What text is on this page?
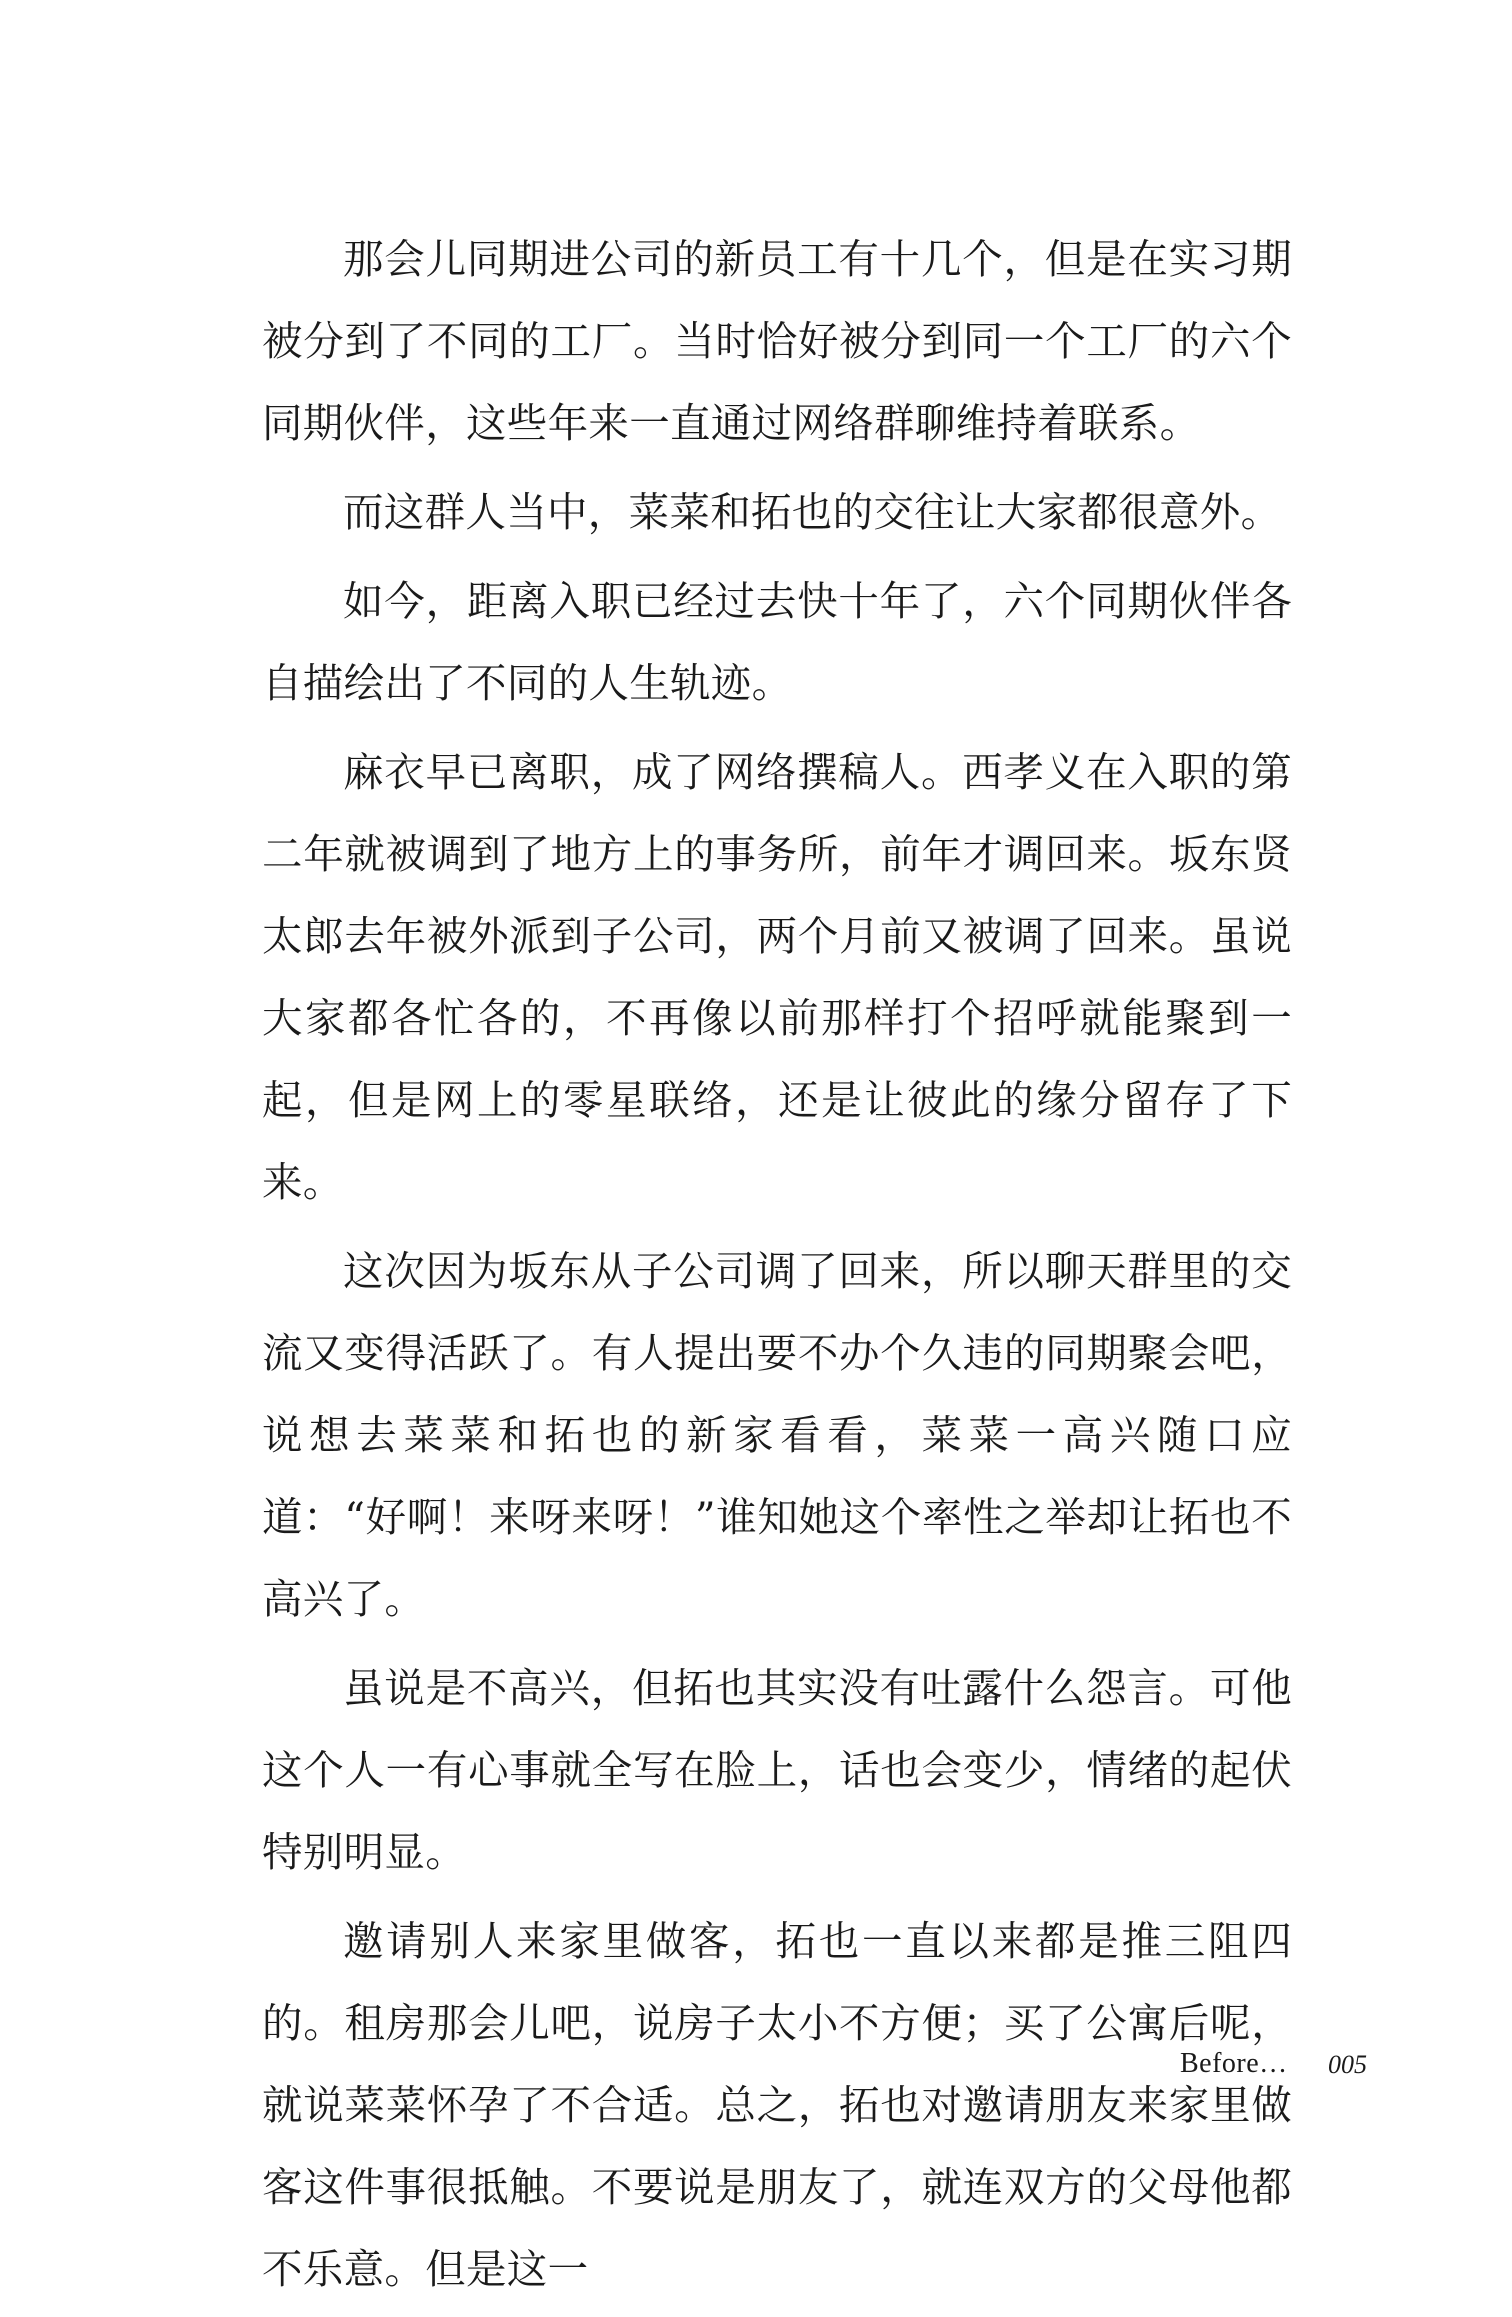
那会儿同期进公司的新员工有十几个，但是在实习期被分到了不同的工厂。当时恰好被分到同一个工厂的六个同期伙伴，这些年来一直通过网络群聊维持着联系。

而这群人当中，菜菜和拓也的交往让大家都很意外。

如今，距离入职已经过去快十年了，六个同期伙伴各自描绘出了不同的人生轨迹。

麻衣早已离职，成了网络撰稿人。西孝义在入职的第二年就被调到了地方上的事务所，前年才调回来。坂东贤太郎去年被外派到子公司，两个月前又被调了回来。虽说大家都各忙各的，不再像以前那样打个招呼就能聚到一起，但是网上的零星联络，还是让彼此的缘分留存了下来。

这次因为坂东从子公司调了回来，所以聊天群里的交流又变得活跃了。有人提出要不办个久违的同期聚会吧，说想去菜菜和拓也的新家看看，菜菜一高兴随口应道：“好啊！来呀来呀！”谁知她这个率性之举却让拓也不高兴了。

虽说是不高兴，但拓也其实没有吐露什么怨言。可他这个人一有心事就全写在脸上，话也会变少，情绪的起伏特别明显。

邀请别人来家里做客，拓也一直以来都是推三阻四的。租房那会儿吧，说房子太小不方便；买了公寓后呢，就说菜菜怀孕了不合适。总之，拓也对邀请朋友来家里做客这件事很抵触。不要说是朋友了，就连双方的父母他都不乐意。但是这一

Before… 005
